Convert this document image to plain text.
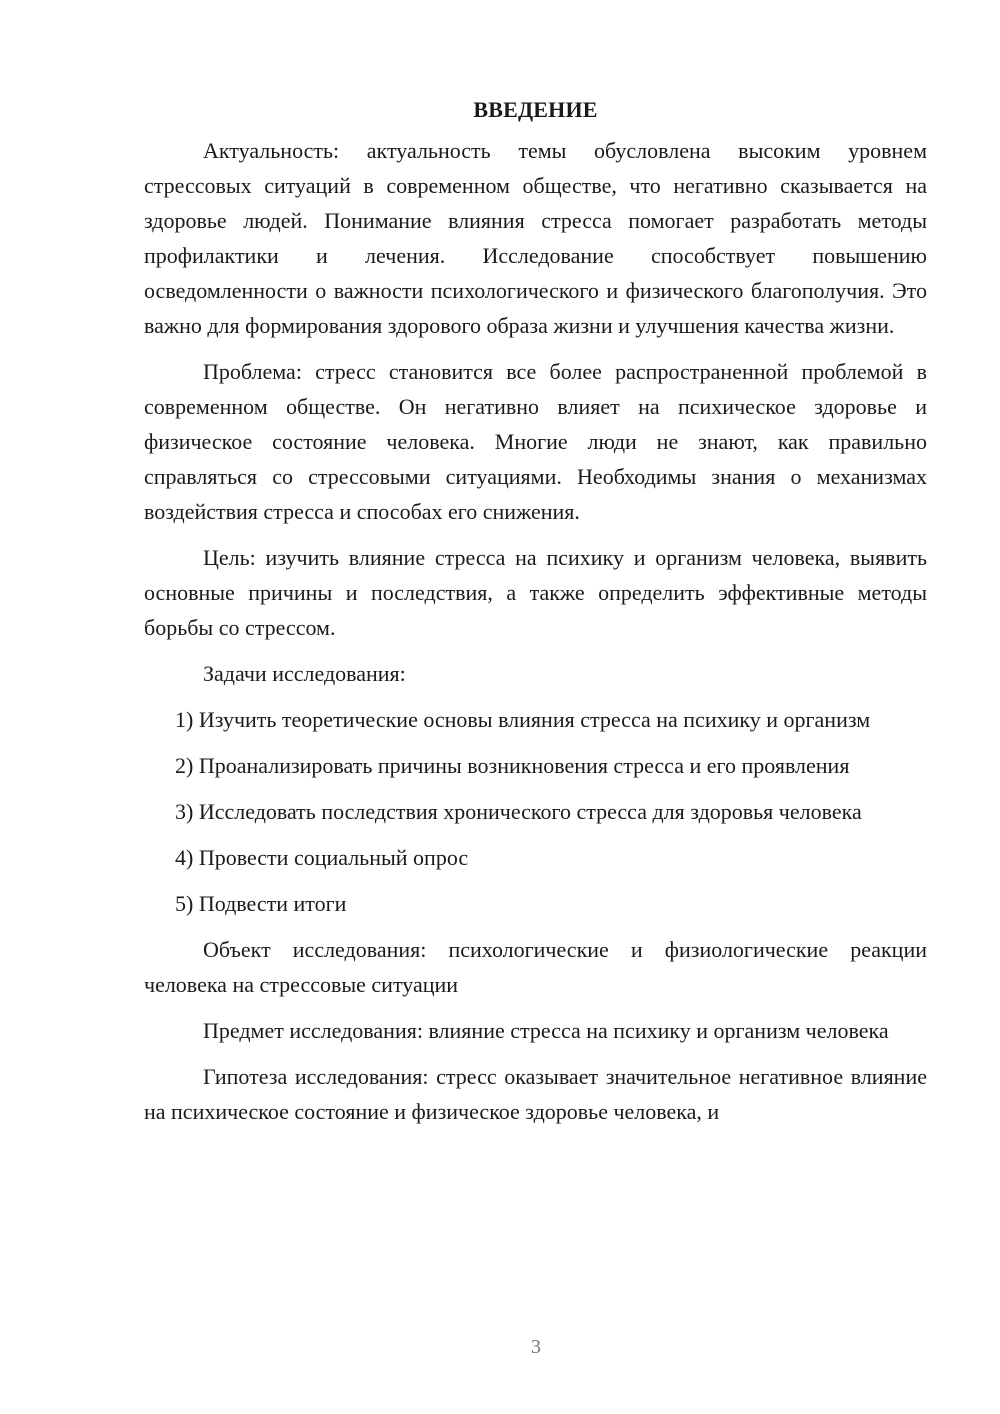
ВВЕДЕНИЕ

Актуальность: актуальность темы обусловлена высоким уровнем стрессовых ситуаций в современном обществе, что негативно сказывается на здоровье людей. Понимание влияния стресса помогает разработать методы профилактики и лечения. Исследование способствует повышению осведомленности о важности психологического и физического благополучия. Это важно для формирования здорового образа жизни и улучшения качества жизни.

Проблема: стресс становится все более распространенной проблемой в современном обществе. Он негативно влияет на психическое здоровье и физическое состояние человека. Многие люди не знают, как правильно справляться со стрессовыми ситуациями. Необходимы знания о механизмах воздействия стресса и способах его снижения.

Цель: изучить влияние стресса на психику и организм человека, выявить основные причины и последствия, а также определить эффективные методы борьбы со стрессом.

Задачи исследования:

1) Изучить теоретические основы влияния стресса на психику и организм

2) Проанализировать причины возникновения стресса и его проявления

3) Исследовать последствия хронического стресса для здоровья человека

4) Провести социальный опрос

5) Подвести итоги

Объект исследования: психологические и физиологические реакции человека на стрессовые ситуации

Предмет исследования: влияние стресса на психику и организм человека

Гипотеза исследования: стресс оказывает значительное негативное влияние на психическое состояние и физическое здоровье человека, и

3
